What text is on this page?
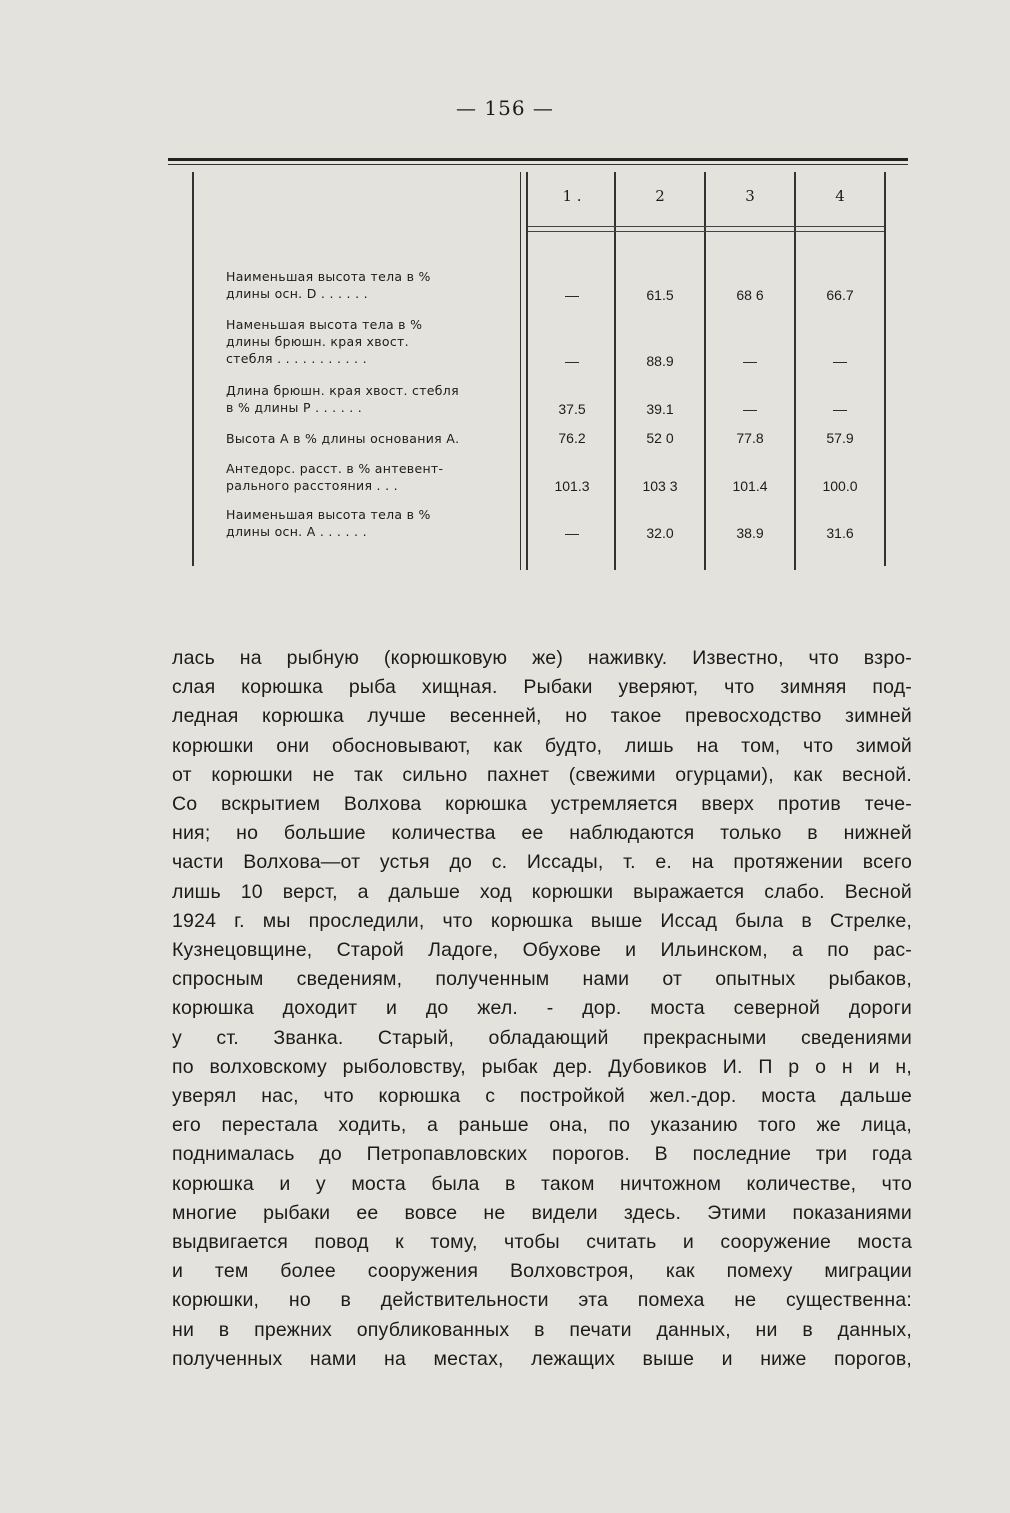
— 156 —
1 .	2	3	4
Наименьшая высота тела в %
длины осн. D . . . . . .	—	61.5	68 6	66.7
Наменьшая высота тела в %
длины брюшн. края хвост.
стебля . . . . . . . . . . .	—	88.9	—	—
Длина брюшн. края хвост. стебля
в % длины P . . . . . .	37.5	39.1	—	—
Высота А в % длины основания А.	76.2	52 0	77.8	57.9
Антедорс. расст. в % антевент-
рального расстояния . . .	101.3	103 3	101.4	100.0
Наименьшая высота тела в %
длины осн. A . . . . . .	—	32.0	38.9	31.6
лась на рыбную (корюшковую же) наживку. Известно, что взро-
слая корюшка рыба хищная. Рыбаки уверяют, что зимняя под-
ледная корюшка лучше весенней, но такое превосходство зимней
корюшки они обосновывают, как будто, лишь на том, что зимой
от корюшки не так сильно пахнет (свежими огурцами), как весной.
Со вскрытием Волхова корюшка устремляется вверх против тече-
ния; но большие количества ее наблюдаются только в нижней
части Волхова—от устья до с. Иссады, т. е. на протяжении всего
лишь 10 верст, а дальше ход корюшки выражается слабо. Весной
1924 г. мы проследили, что корюшка выше Иссад была в Стрелке,
Кузнецовщине, Старой Ладоге, Обухове и Ильинском, а по рас-
спросным сведениям, полученным нами от опытных рыбаков,
корюшка доходит и до жел. - дор. моста северной дороги
у ст. Званка. Старый, обладающий прекрасными сведениями
по волховскому рыболовству, рыбак дер. Дубовиков И. П р о н и н,
уверял нас, что корюшка с постройкой жел.-дор. моста дальше
его перестала ходить, а раньше она, по указанию того же лица,
поднималась до Петропавловских порогов. В последние три года
корюшка и у моста была в таком ничтожном количестве, что
многие рыбаки ее вовсе не видели здесь. Этими показаниями
выдвигается повод к тому, чтобы считать и сооружение моста
и тем более сооружения Волховстроя, как помеху миграции
корюшки, но в действительности эта помеха не существенна:
ни в прежних опубликованных в печати данных, ни в данных,
полученных нами на местах, лежащих выше и ниже порогов,
